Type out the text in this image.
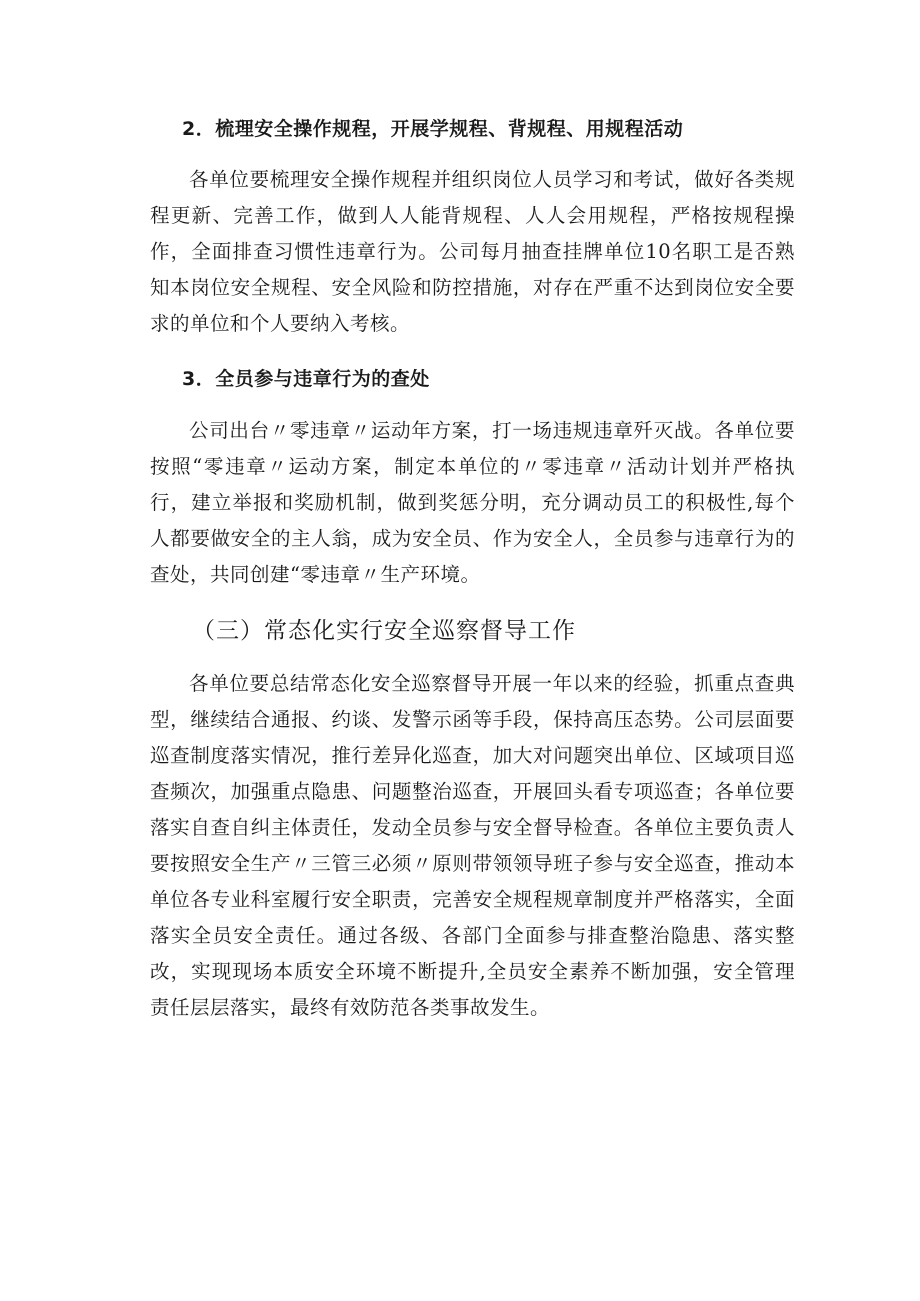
2．梳理安全操作规程，开展学规程、背规程、用规程活动

各单位要梳理安全操作规程并组织岗位人员学习和考试，做好各类规程更新、完善工作，做到人人能背规程、人人会用规程，严格按规程操作，全面排查习惯性违章行为。公司每月抽查挂牌单位10名职工是否熟知本岗位安全规程、安全风险和防控措施，对存在严重不达到岗位安全要求的单位和个人要纳入考核。

3．全员参与违章行为的查处

公司出台〃零违章〃运动年方案，打一场违规违章歼灭战。各单位要按照“零违章〃运动方案，制定本单位的〃零违章〃活动计划并严格执行，建立举报和奖励机制，做到奖惩分明，充分调动员工的积极性,每个人都要做安全的主人翁，成为安全员、作为安全人，全员参与违章行为的查处，共同创建“零违章〃生产环境。

（三）常态化实行安全巡察督导工作

各单位要总结常态化安全巡察督导开展一年以来的经验，抓重点查典型，继续结合通报、约谈、发警示函等手段，保持高压态势。公司层面要巡查制度落实情况，推行差异化巡查，加大对问题突出单位、区域项目巡查频次，加强重点隐患、问题整治巡查，开展回头看专项巡查；各单位要落实自查自纠主体责任，发动全员参与安全督导检查。各单位主要负责人要按照安全生产〃三管三必须〃原则带领领导班子参与安全巡查，推动本单位各专业科室履行安全职责，完善安全规程规章制度并严格落实，全面落实全员安全责任。通过各级、各部门全面参与排查整治隐患、落实整改，实现现场本质安全环境不断提升,全员安全素养不断加强，安全管理责任层层落实，最终有效防范各类事故发生。
